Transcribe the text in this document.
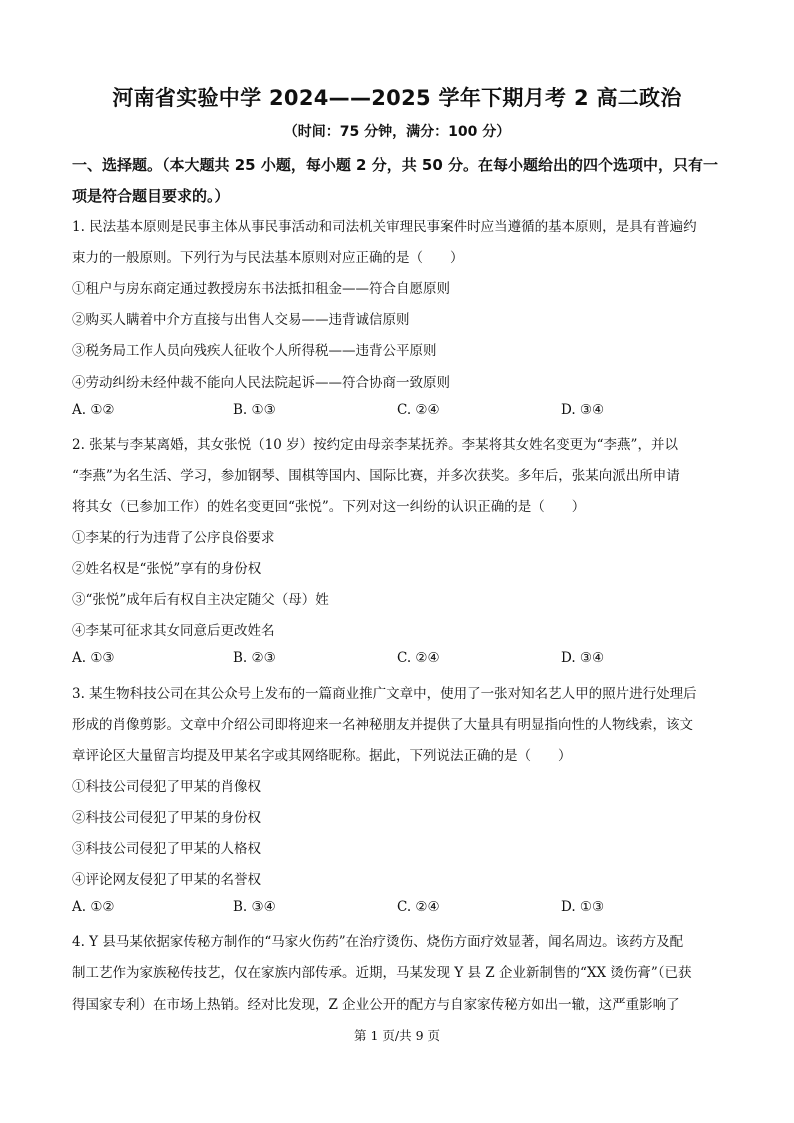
河南省实验中学 2024——2025 学年下期月考 2 高二政治
（时间：75 分钟，满分：100 分）
一、选择题。（本大题共 25 小题，每小题 2 分，共 50 分。在每小题给出的四个选项中，只有一项是符合题目要求的。）
1. 民法基本原则是民事主体从事民事活动和司法机关审理民事案件时应当遵循的基本原则，是具有普遍约
束力的一般原则。下列行为与民法基本原则对应正确的是（　　）
①租户与房东商定通过教授房东书法抵扣租金——符合自愿原则
②购买人瞒着中介方直接与出售人交易——违背诚信原则
③税务局工作人员向残疾人征收个人所得税——违背公平原则
④劳动纠纷未经仲裁不能向人民法院起诉——符合协商一致原则
A. ①②	B. ①③	C. ②④	D. ③④
2. 张某与李某离婚，其女张悦（10 岁）按约定由母亲李某抚养。李某将其女姓名变更为“李燕”，并以
“李燕”为名生活、学习，参加钢琴、围棋等国内、国际比赛，并多次获奖。多年后，张某向派出所申请
将其女（已参加工作）的姓名变更回“张悦”。下列对这一纠纷的认识正确的是（　　）
①李某的行为违背了公序良俗要求
②姓名权是“张悦”享有的身份权
③“张悦”成年后有权自主决定随父（母）姓
④李某可征求其女同意后更改姓名
A. ①③	B. ②③	C. ②④	D. ③④
3. 某生物科技公司在其公众号上发布的一篇商业推广文章中，使用了一张对知名艺人甲的照片进行处理后
形成的肖像剪影。文章中介绍公司即将迎来一名神秘朋友并提供了大量具有明显指向性的人物线索，该文
章评论区大量留言均提及甲某名字或其网络昵称。据此，下列说法正确的是（　　）
①科技公司侵犯了甲某的肖像权
②科技公司侵犯了甲某的身份权
③科技公司侵犯了甲某的人格权
④评论网友侵犯了甲某的名誉权
A. ①②	B. ③④	C. ②④	D. ①③
4. Y 县马某依据家传秘方制作的“马家火伤药”在治疗烫伤、烧伤方面疗效显著，闻名周边。该药方及配
制工艺作为家族秘传技艺，仅在家族内部传承。近期，马某发现 Y 县 Z 企业新制售的“XX 烫伤膏”（已获
得国家专利）在市场上热销。经对比发现，Z 企业公开的配方与自家家传秘方如出一辙，这严重影响了
第 1 页/共 9 页
